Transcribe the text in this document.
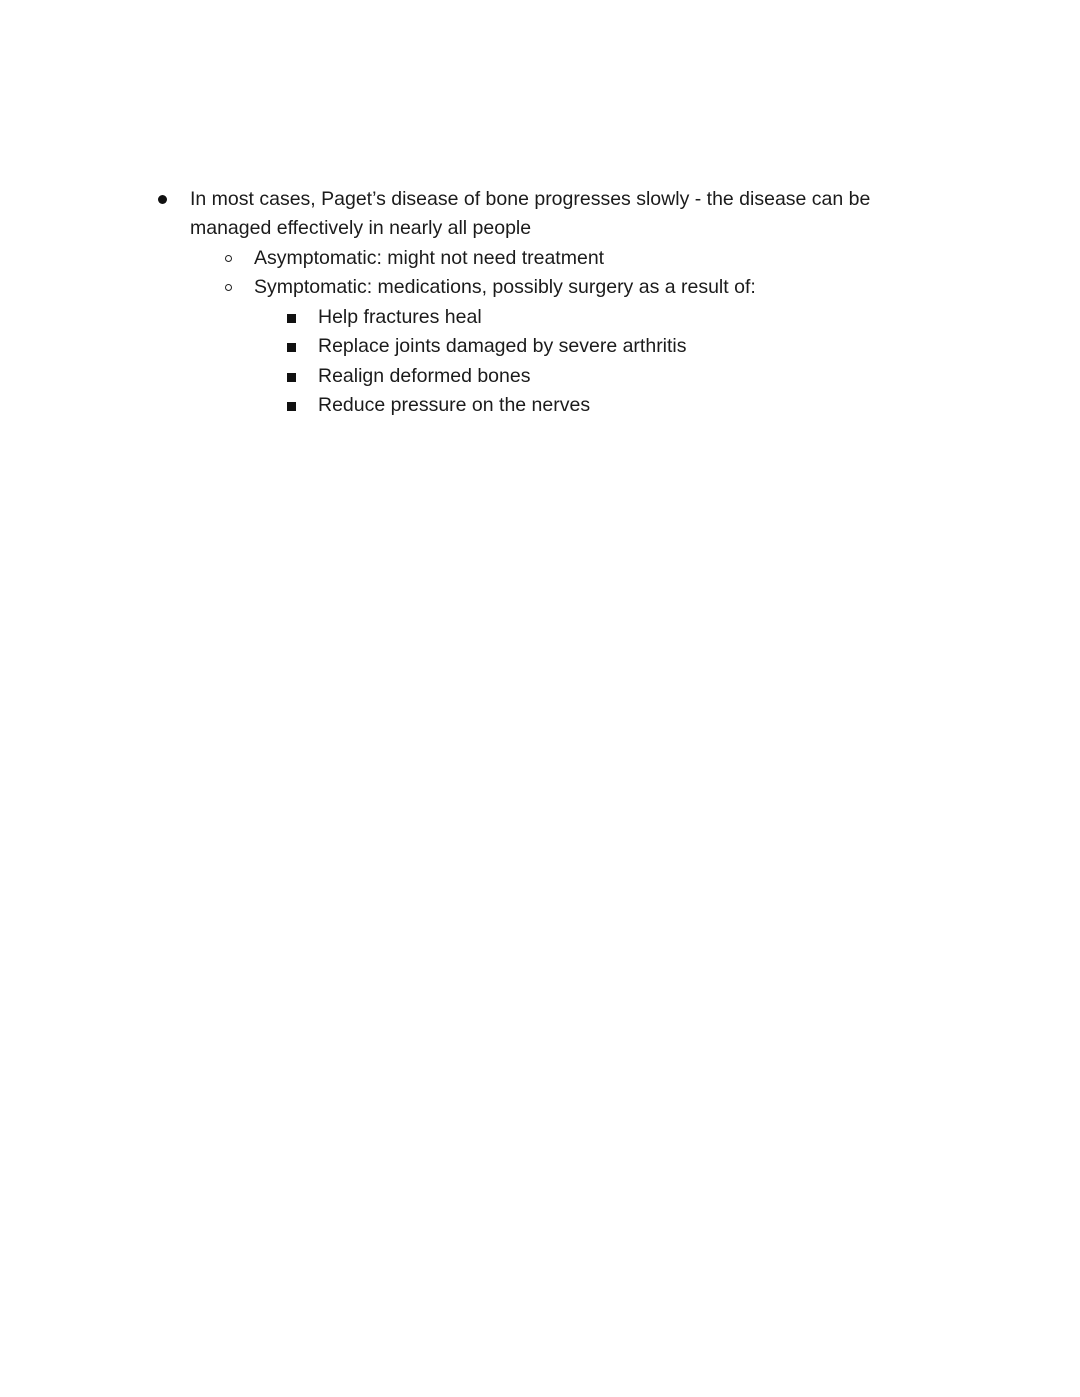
In most cases, Paget’s disease of bone progresses slowly - the disease can be
managed effectively in nearly all people
Asymptomatic: might not need treatment
Symptomatic: medications, possibly surgery as a result of:
Help fractures heal
Replace joints damaged by severe arthritis
Realign deformed bones
Reduce pressure on the nerves
